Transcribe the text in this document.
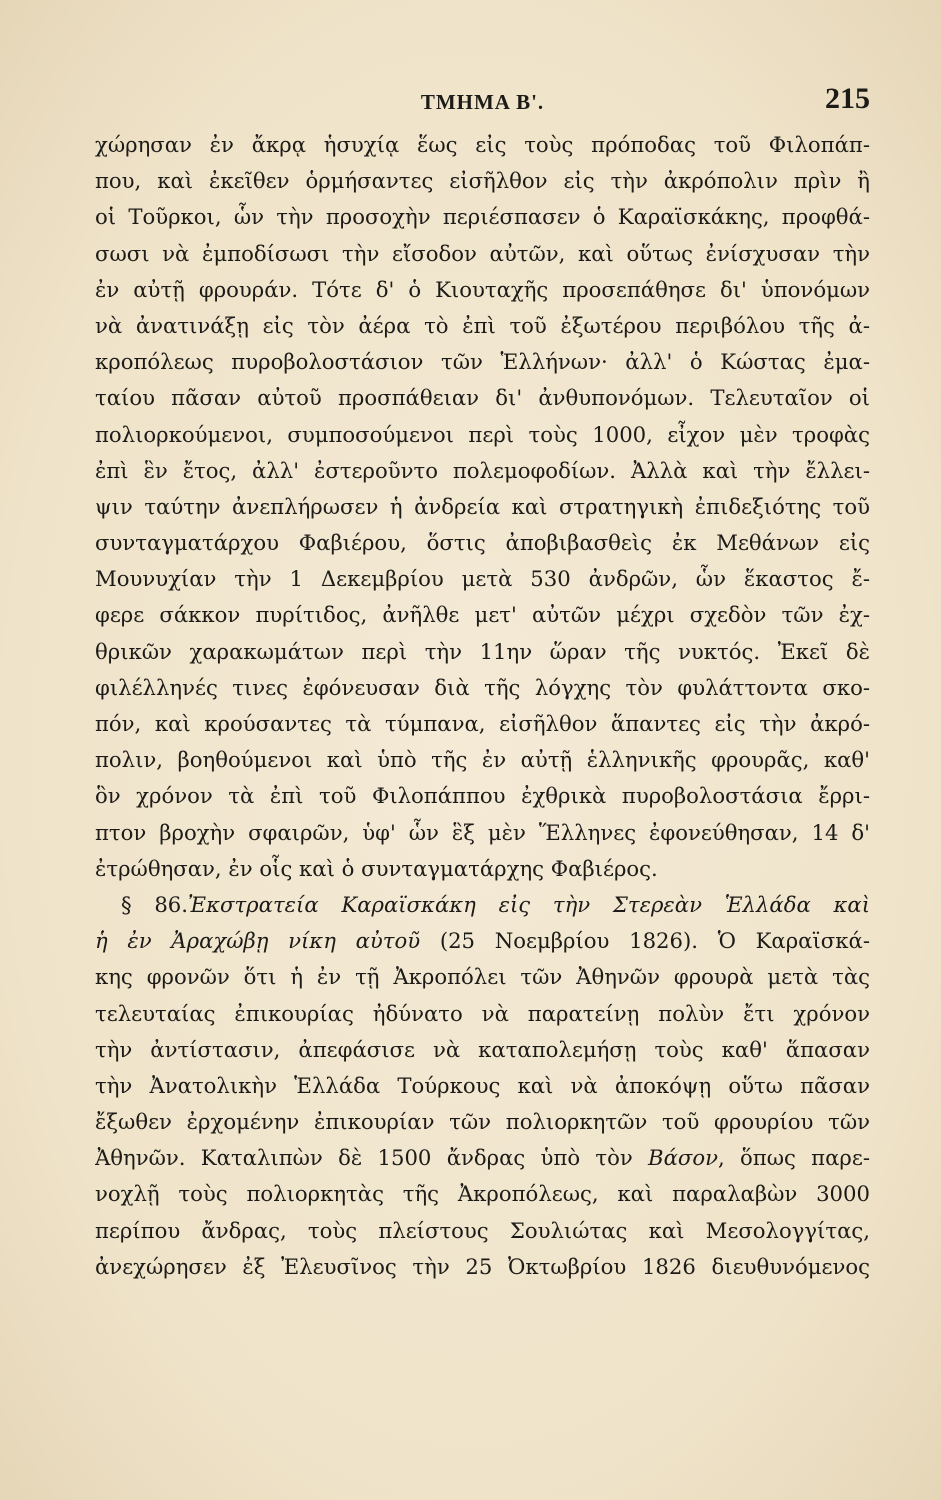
ΤΜΗΜΑ Β'.	215
χώρησαν ἐν ἄκρᾳ ἡσυχίᾳ ἕως εἰς τοὺς πρόποδας τοῦ Φιλοπάπ-
που, καὶ ἐκεῖθεν ὁρμήσαντες εἰσῆλθον εἰς τὴν ἀκρόπολιν πρὶν ἢ
οἱ Τοῦρκοι, ὧν τὴν προσοχὴν περιέσπασεν ὁ Καραϊσκάκης, προφθά-
σωσι νὰ ἐμποδίσωσι τὴν εἴσοδον αὐτῶν, καὶ οὕτως ἐνίσχυσαν τὴν
ἐν αὐτῇ φρουράν. Τότε δ' ὁ Κιουταχῆς προσεπάθησε δι' ὑπονόμων
νὰ ἀνατινάξῃ εἰς τὸν ἀέρα τὸ ἐπὶ τοῦ ἐξωτέρου περιβόλου τῆς ἀ-
κροπόλεως πυροβολοστάσιον τῶν Ἑλλήνων· ἀλλ' ὁ Κώστας ἐμα-
ταίου πᾶσαν αὐτοῦ προσπάθειαν δι' ἀνθυπονόμων. Τελευταῖον οἱ
πολιορκούμενοι, συμποσούμενοι περὶ τοὺς 1000, εἶχον μὲν τροφὰς
ἐπὶ ἓν ἔτος, ἀλλ' ἐστεροῦντο πολεμοφοδίων. Ἀλλὰ καὶ τὴν ἔλλει-
ψιν ταύτην ἀνεπλήρωσεν ἡ ἀνδρεία καὶ στρατηγικὴ ἐπιδεξιότης τοῦ
συνταγματάρχου Φαβιέρου, ὅστις ἀποβιβασθεὶς ἐκ Μεθάνων εἰς
Μουνυχίαν τὴν 1 Δεκεμβρίου μετὰ 530 ἀνδρῶν, ὧν ἕκαστος ἔ-
φερε σάκκον πυρίτιδος, ἀνῆλθε μετ' αὐτῶν μέχρι σχεδὸν τῶν ἐχ-
θρικῶν χαρακωμάτων περὶ τὴν 11ην ὥραν τῆς νυκτός. Ἐκεῖ δὲ
φιλέλληνές τινες ἐφόνευσαν διὰ τῆς λόγχης τὸν φυλάττοντα σκο-
πόν, καὶ κρούσαντες τὰ τύμπανα, εἰσῆλθον ἅπαντες εἰς τὴν ἀκρό-
πολιν, βοηθούμενοι καὶ ὑπὸ τῆς ἐν αὐτῇ ἑλληνικῆς φρουρᾶς, καθ'
ὃν χρόνον τὰ ἐπὶ τοῦ Φιλοπάππου ἐχθρικὰ πυροβολοστάσια ἔρρι-
πτον βροχὴν σφαιρῶν, ὑφ' ὧν ἓξ μὲν Ἕλληνες ἐφονεύθησαν, 14 δ'
ἐτρώθησαν, ἐν οἷς καὶ ὁ συνταγματάρχης Φαβιέρος.
§ 86.Ἐκστρατεία Καραϊσκάκη εἰς τὴν Στερεὰν Ἑλλάδα καὶ
ἡ ἐν Ἀραχώβῃ νίκη αὐτοῦ (25 Νοεμβρίου 1826). Ὁ Καραϊσκά-
κης φρονῶν ὅτι ἡ ἐν τῇ Ἀκροπόλει τῶν Ἀθηνῶν φρουρὰ μετὰ τὰς
τελευταίας ἐπικουρίας ἠδύνατο νὰ παρατείνῃ πολὺν ἔτι χρόνον
τὴν ἀντίστασιν, ἀπεφάσισε νὰ καταπολεμήσῃ τοὺς καθ' ἅπασαν
τὴν Ἀνατολικὴν Ἑλλάδα Τούρκους καὶ νὰ ἀποκόψῃ οὕτω πᾶσαν
ἔξωθεν ἐρχομένην ἐπικουρίαν τῶν πολιορκητῶν τοῦ φρουρίου τῶν
Ἀθηνῶν. Καταλιπὼν δὲ 1500 ἄνδρας ὑπὸ τὸν Βάσον, ὅπως παρε-
νοχλῇ τοὺς πολιορκητὰς τῆς Ἀκροπόλεως, καὶ παραλαβὼν 3000
περίπου ἄνδρας, τοὺς πλείστους Σουλιώτας καὶ Μεσολογγίτας,
ἀνεχώρησεν ἐξ Ἐλευσῖνος τὴν 25 Ὀκτωβρίου 1826 διευθυνόμενος
